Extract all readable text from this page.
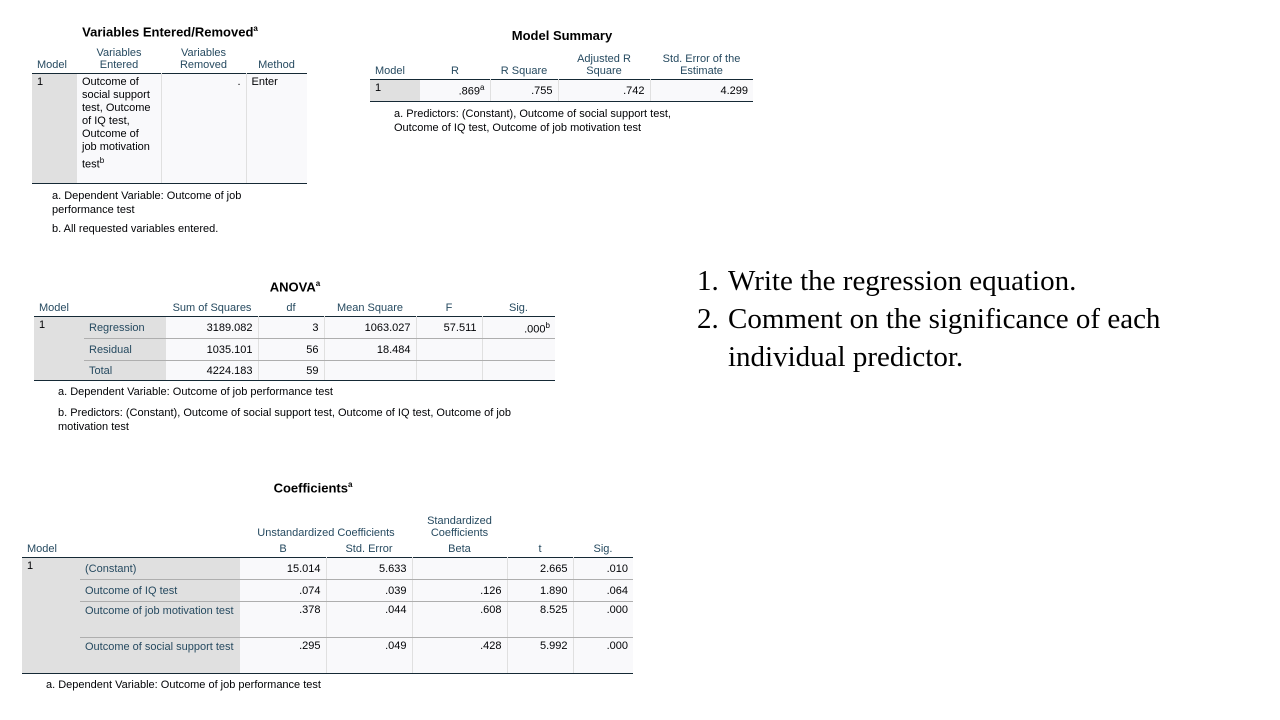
Variables Entered/Removed$^a$
Model	Variables Entered	Variables Removed	Method
1	Outcome of social support test, Outcome of IQ test, Outcome of job motivation test$^b$	.	Enter
a. Dependent Variable: Outcome of job performance test
b. All requested variables entered.
Model Summary
Model	R	R Square	Adjusted R Square	Std. Error of the Estimate
1	.869$^a$	.755	.742	4.299
a. Predictors: (Constant), Outcome of social support test, Outcome of IQ test, Outcome of job motivation test
ANOVA$^a$
Model		Sum of Squares	df	Mean Square	F	Sig.
1	Regression	3189.082	3	1063.027	57.511	.000$^b$
	Residual	1035.101	56	18.484		
	Total	4224.183	59			
a. Dependent Variable: Outcome of job performance test
b. Predictors: (Constant), Outcome of social support test, Outcome of IQ test, Outcome of job motivation test
Coefficients$^a$
		Unstandardized Coefficients		Standardized Coefficients		
Model		B	Std. Error	Beta	t	Sig.
1	(Constant)	15.014	5.633		2.665	.010
	Outcome of IQ test	.074	.039	.126	1.890	.064
	Outcome of job motivation test	.378	.044	.608	8.525	.000
	Outcome of social support test	.295	.049	.428	5.992	.000
a. Dependent Variable: Outcome of job performance test
1. Write the regression equation.
2. Comment on the significance of each individual predictor.
